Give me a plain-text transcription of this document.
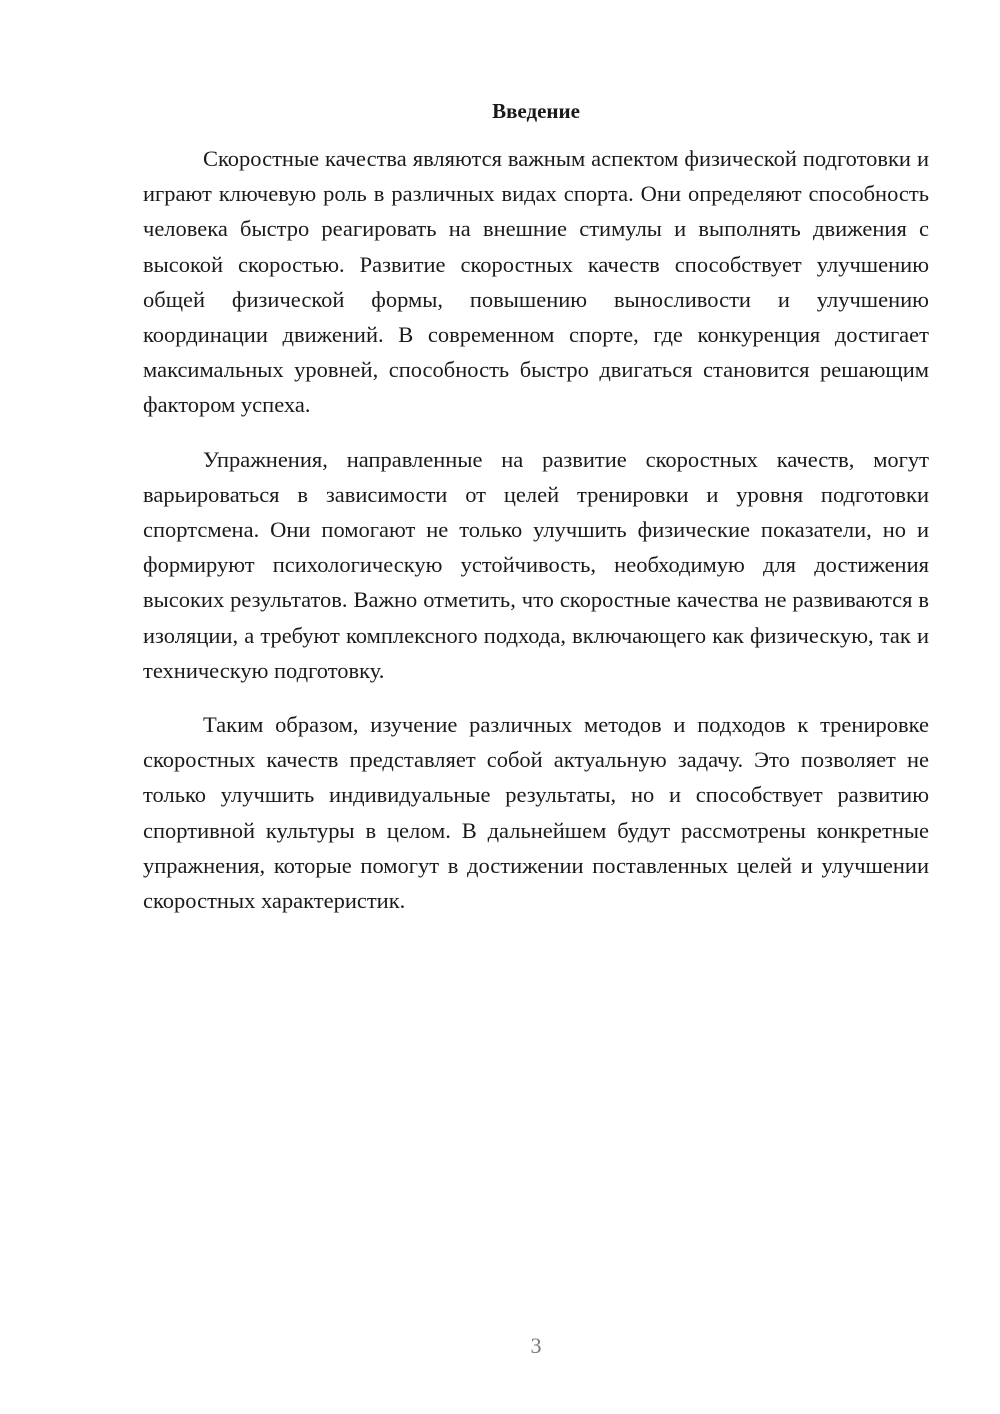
Введение

Скоростные качества являются важным аспектом физической подготовки и играют ключевую роль в различных видах спорта. Они определяют способность человека быстро реагировать на внешние стимулы и выполнять движения с высокой скоростью. Развитие скоростных качеств способствует улучшению общей физической формы, повышению выносливости и улучшению координации движений. В современном спорте, где конкуренция достигает максимальных уровней, способность быстро двигаться становится решающим фактором успеха.

Упражнения, направленные на развитие скоростных качеств, могут варьироваться в зависимости от целей тренировки и уровня подготовки спортсмена. Они помогают не только улучшить физические показатели, но и формируют психологическую устойчивость, необходимую для достижения высоких результатов. Важно отметить, что скоростные качества не развиваются в изоляции, а требуют комплексного подхода, включающего как физическую, так и техническую подготовку.

Таким образом, изучение различных методов и подходов к тренировке скоростных качеств представляет собой актуальную задачу. Это позволяет не только улучшить индивидуальные результаты, но и способствует развитию спортивной культуры в целом. В дальнейшем будут рассмотрены конкретные упражнения, которые помогут в достижении поставленных целей и улучшении скоростных характеристик.

3
